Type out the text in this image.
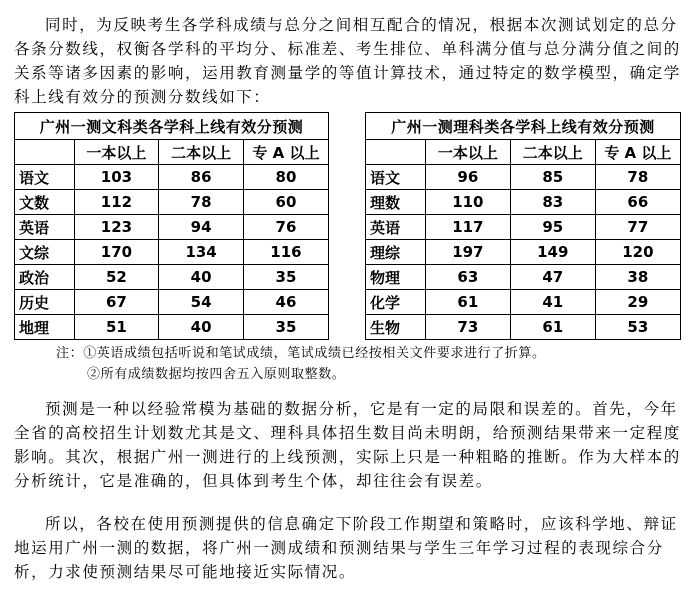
同时，为反映考生各学科成绩与总分之间相互配合的情况，根据本次测试划定的总分各条分数线，权衡各学科的平均分、标准差、考生排位、单科满分值与总分满分值之间的关系等诸多因素的影响，运用教育测量学的等值计算技术，通过特定的数学模型，确定学科上线有效分的预测分数线如下：

广州一测文科类各学科上线有效分预测			
	一本以上	二本以上	专 A 以上
语文	103	86	80
文数	112	78	60
英语	123	94	76
文综	170	134	116
政治	52	40	35
历史	67	54	46
地理	51	40	35
广州一测理科类各学科上线有效分预测			
	一本以上	二本以上	专 A 以上
语文	96	85	78
理数	110	83	66
英语	117	95	77
理综	197	149	120
物理	63	47	38
化学	61	41	29
生物	73	61	53
注：①英语成绩包括听说和笔试成绩，笔试成绩已经按相关文件要求进行了折算。
②所有成绩数据均按四舍五入原则取整数。

预测是一种以经验常模为基础的数据分析，它是有一定的局限和误差的。首先，今年全省的高校招生计划数尤其是文、理科具体招生数目尚未明朗，给预测结果带来一定程度影响。其次，根据广州一测进行的上线预测，实际上只是一种粗略的推断。作为大样本的分析统计，它是准确的，但具体到考生个体，却往往会有误差。

所以，各校在使用预测提供的信息确定下阶段工作期望和策略时，应该科学地、辩证地运用广州一测的数据，将广州一测成绩和预测结果与学生三年学习过程的表现综合分析，力求使预测结果尽可能地接近实际情况。
